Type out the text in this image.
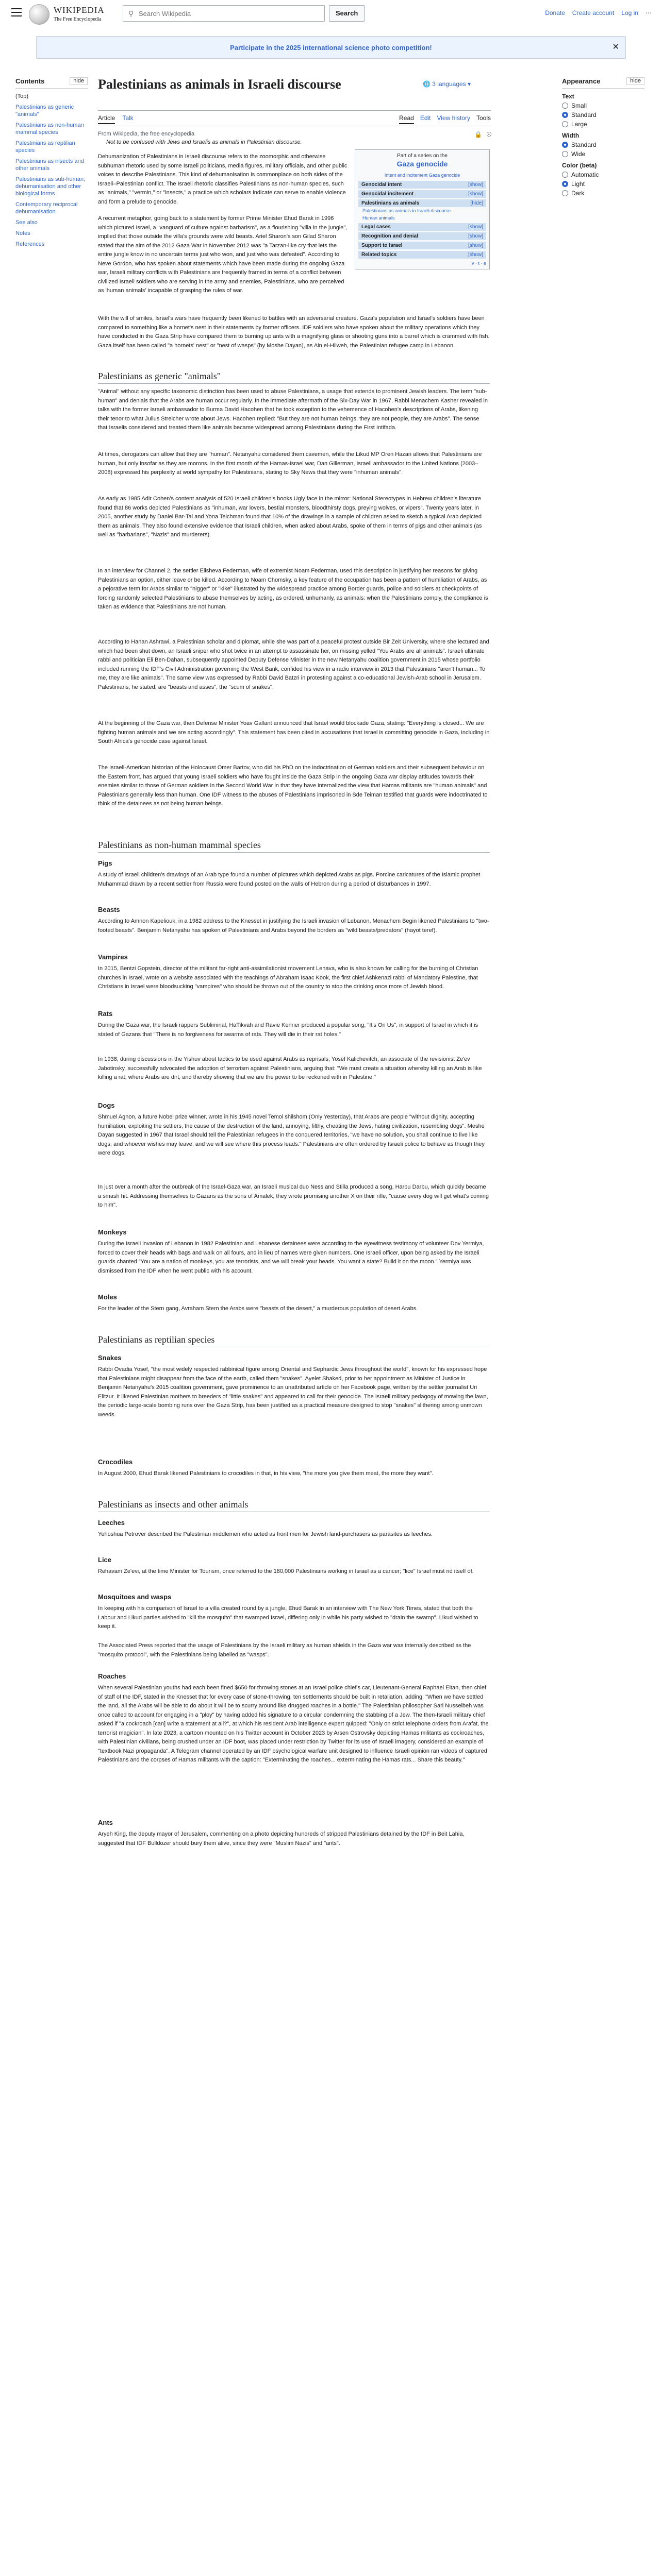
WIKIPEDIA
The Free Encyclopedia
⚲
Search Wikipedia	Search	Donate Create account Log in ⋯
Participate in the 2025 international science photo competition!	✕
Contents	hide
(Top)
Palestinians as generic "animals"
Palestinians as non-human mammal species
Palestinians as reptilian species
Palestinians as insects and other animals
Palestinians as sub-human; dehumanisation and other biological forms
Contemporary reciprocal dehumanisation
See also
Notes
References
Palestinians as animals in Israeli discourse	🌐 3 languages ▾
Article Talk	Read Edit View history Tools
From Wikipedia, the free encyclopedia
Not to be confused with Jews and Israelis as animals in Palestinian discourse.
🔒 ☉
Part of a series on the
Gaza genocide
Intent and incitement Gaza genocide
Genocidal intent	[show]
Genocidal incitement	[show]
Palestinians as animals	[hide]
Palestinians as animals in Israeli discourse
Human animals
Legal cases	[show]
Recognition and denial	[show]
Support to Israel	[show]
Related topics	[show]
v · t · e
Appearance	hide
Text
Small
Standard
Large
Width
Standard
Wide
Color (beta)
Automatic
Light
Dark

Dehumanization of Palestinians in Israeli discourse refers to the zoomorphic and otherwise subhuman rhetoric used by some Israeli politicians, media figures, military officials, and other public voices to describe Palestinians. This kind of dehumanisation is commonplace on both sides of the Israeli–Palestinian conflict. The Israeli rhetoric classifies Palestinians as non-human species, such as "animals," "vermin," or "insects," a practice which scholars indicate can serve to enable violence and form a prelude to genocide.

A recurrent metaphor, going back to a statement by former Prime Minister Ehud Barak in 1996 which pictured Israel, a "vanguard of culture against barbarism", as a flourishing "villa in the jungle", implied that those outside the villa's grounds were wild beasts. Ariel Sharon's son Gilad Sharon stated that the aim of the 2012 Gaza War in November 2012 was "a Tarzan-like cry that lets the entire jungle know in no uncertain terms just who won, and just who was defeated". According to Neve Gordon, who has spoken about statements which have been made during the ongoing Gaza war, Israeli military conflicts with Palestinians are frequently framed in terms of a conflict between civilized Israeli soldiers who are serving in the army and enemies, Palestinians, who are perceived as 'human animals' incapable of grasping the rules of war.

With the will of smiles, Israel's wars have frequently been likened to battles with an adversarial creature. Gaza's population and Israel's soldiers have been compared to something like a hornet's nest in their statements by former officers. IDF soldiers who have spoken about the military operations which they have conducted in the Gaza Strip have compared them to burning up ants with a magnifying glass or shooting guns into a barrel which is crammed with fish. Gaza itself has been called "a hornets' nest" or "nest of wasps" (by Moshe Dayan), as Ain el-Hilweh, the Palestinian refugee camp in Lebanon.

Palestinians as generic "animals"

"Animal" without any specific taxonomic distinction has been used to abuse Palestinians, a usage that extends to prominent Jewish leaders. The term "sub-human" and denials that the Arabs are human occur regularly. In the immediate aftermath of the Six-Day War in 1967, Rabbi Menachem Kasher revealed in talks with the former Israeli ambassador to Burma David Hacohen that he took exception to the vehemence of Hacohen's descriptions of Arabs, likening their tenor to what Julius Streicher wrote about Jews. Hacohen replied: "But they are not human beings, they are not people, they are Arabs". The sense that Israelis considered and treated them like animals became widespread among Palestinians during the First Intifada.

At times, derogators can allow that they are "human". Netanyahu considered them cavemen, while the Likud MP Oren Hazan allows that Palestinians are human, but only insofar as they are morons. In the first month of the Hamas-Israel war, Dan Gillerman, Israeli ambassador to the United Nations (2003–2008) expressed his perplexity at world sympathy for Palestinians, stating to Sky News that they were "inhuman animals".

As early as 1985 Adir Cohen's content analysis of 520 Israeli children's books Ugly face in the mirror: National Stereotypes in Hebrew children's literature found that 86 works depicted Palestinians as "inhuman, war lovers, bestial monsters, bloodthirsty dogs, preying wolves, or vipers". Twenty years later, in 2005, another study by Daniel Bar-Tal and Yona Teichman found that 10% of the drawings in a sample of children asked to sketch a typical Arab depicted them as animals. They also found extensive evidence that Israeli children, when asked about Arabs, spoke of them in terms of pigs and other animals (as well as "barbarians", "Nazis" and murderers).

In an interview for Channel 2, the settler Elisheva Federman, wife of extremist Noam Federman, used this description in justifying her reasons for giving Palestinians an option, either leave or be killed. According to Noam Chomsky, a key feature of the occupation has been a pattern of humiliation of Arabs, as a pejorative term for Arabs similar to "nigger" or "kike" illustrated by the widespread practice among Border guards, police and soldiers at checkpoints of forcing randomly selected Palestinians to abase themselves by acting, as ordered, unhumanly, as animals: when the Palestinians comply, the compliance is taken as evidence that Palestinians are not human.

According to Hanan Ashrawi, a Palestinian scholar and diplomat, while she was part of a peaceful protest outside Bir Zeit University, where she lectured and which had been shut down, an Israeli sniper who shot twice in an attempt to assassinate her, on missing yelled "You Arabs are all animals". Israeli ultimate rabbi and politician Eli Ben-Dahan, subsequently appointed Deputy Defense Minister in the new Netanyahu coalition government in 2015 whose portfolio included running the IDF's Civil Administration governing the West Bank, confided his view in a radio interview in 2013 that Palestinians "aren't human... To me, they are like animals". The same view was expressed by Rabbi David Batzri in protesting against a co-educational Jewish-Arab school in Jerusalem. Palestinians, he stated, are "beasts and asses", the "scum of snakes".

At the beginning of the Gaza war, then Defense Minister Yoav Gallant announced that Israel would blockade Gaza, stating: "Everything is closed... We are fighting human animals and we are acting accordingly". This statement has been cited in accusations that Israel is committing genocide in Gaza, including in South Africa's genocide case against Israel.

The Israeli-American historian of the Holocaust Omer Bartov, who did his PhD on the indoctrination of German soldiers and their subsequent behaviour on the Eastern front, has argued that young Israeli soldiers who have fought inside the Gaza Strip in the ongoing Gaza war display attitudes towards their enemies similar to those of German soldiers in the Second World War in that they have internalized the view that Hamas militants are "human animals" and Palestinians generally less than human. One IDF witness to the abuses of Palestinians imprisoned in Sde Teiman testified that guards were indoctrinated to think of the detainees as not being human beings.

Palestinians as non-human mammal species
Pigs

A study of Israeli children's drawings of an Arab type found a number of pictures which depicted Arabs as pigs. Porcine caricatures of the Islamic prophet Muhammad drawn by a recent settler from Russia were found posted on the walls of Hebron during a period of disturbances in 1997.

Beasts

According to Amnon Kapeliouk, in a 1982 address to the Knesset in justifying the Israeli invasion of Lebanon, Menachem Begin likened Palestinians to "two-footed beasts". Benjamin Netanyahu has spoken of Palestinians and Arabs beyond the borders as "wild beasts/predators" (hayot teref).

Vampires

In 2015, Bentzi Gopstein, director of the militant far-right anti-assimilationist movement Lehava, who is also known for calling for the burning of Christian churches in Israel, wrote on a website associated with the teachings of Abraham Isaac Kook, the first chief Ashkenazi rabbi of Mandatory Palestine, that Christians in Israel were bloodsucking "vampires" who should be thrown out of the country to stop the drinking once more of Jewish blood.

Rats

During the Gaza war, the Israeli rappers Subliminal, HaTikvah and Ravie Kenner produced a popular song, "It's On Us", in support of Israel in which it is stated of Gazans that "There is no forgiveness for swarms of rats. They will die in their rat holes."

In 1938, during discussions in the Yishuv about tactics to be used against Arabs as reprisals, Yosef Kalichevitch, an associate of the revisionist Ze'ev Jabotinsky, successfully advocated the adoption of terrorism against Palestinians, arguing that: "We must create a situation whereby killing an Arab is like killing a rat, where Arabs are dirt, and thereby showing that we are the power to be reckoned with in Palestine."

Dogs

Shmuel Agnon, a future Nobel prize winner, wrote in his 1945 novel Temol shilshom (Only Yesterday), that Arabs are people "without dignity, accepting humiliation, exploiting the settlers, the cause of the destruction of the land, annoying, filthy, cheating the Jews, hating civilization, resembling dogs". Moshe Dayan suggested in 1967 that Israel should tell the Palestinian refugees in the conquered territories, "we have no solution, you shall continue to live like dogs, and whoever wishes may leave, and we will see where this process leads." Palestinians are often ordered by Israeli police to behave as though they were dogs.

In just over a month after the outbreak of the Israel-Gaza war, an Israeli musical duo Ness and Stilla produced a song, Harbu Darbu, which quickly became a smash hit. Addressing themselves to Gazans as the sons of Amalek, they wrote promising another X on their rifle, "cause every dog will get what's coming to him".

Monkeys

During the Israeli invasion of Lebanon in 1982 Palestinian and Lebanese detainees were according to the eyewitness testimony of volunteer Dov Yermiya, forced to cover their heads with bags and walk on all fours, and in lieu of names were given numbers. One Israeli officer, upon being asked by the Israeli guards chanted "You are a nation of monkeys, you are terrorists, and we will break your heads. You want a state? Build it on the moon." Yermiya was dismissed from the IDF when he went public with his account.

Moles

For the leader of the Stern gang, Avraham Stern the Arabs were "beasts of the desert," a murderous population of desert Arabs.

Palestinians as reptilian species
Snakes

Rabbi Ovadia Yosef, "the most widely respected rabbinical figure among Oriental and Sephardic Jews throughout the world", known for his expressed hope that Palestinians might disappear from the face of the earth, called them "snakes". Ayelet Shaked, prior to her appointment as Minister of Justice in Benjamin Netanyahu's 2015 coalition government, gave prominence to an unattributed article on her Facebook page, written by the settler journalist Uri Elitzur. It likened Palestinian mothers to breeders of "little snakes" and appeared to call for their genocide. The Israeli military pedagogy of mowing the lawn, the periodic large-scale bombing runs over the Gaza Strip, has been justified as a practical measure designed to stop "snakes" slithering among unmown weeds.

Crocodiles

In August 2000, Ehud Barak likened Palestinians to crocodiles in that, in his view, "the more you give them meat, the more they want".

Palestinians as insects and other animals
Leeches

Yehoshua Petrover described the Palestinian middlemen who acted as front men for Jewish land-purchasers as parasites as leeches.

Lice

Rehavam Ze'evi, at the time Minister for Tourism, once referred to the 180,000 Palestinians working in Israel as a cancer; "lice" Israel must rid itself of.

Mosquitoes and wasps

In keeping with his comparison of Israel to a villa created round by a jungle, Ehud Barak in an interview with The New York Times, stated that both the Labour and Likud parties wished to "kill the mosquito" that swamped Israel, differing only in while his party wished to "drain the swamp", Likud wished to keep it.

The Associated Press reported that the usage of Palestinians by the Israeli military as human shields in the Gaza war was internally described as the "mosquito protocol", with the Palestinians being labelled as "wasps".

Roaches

When several Palestinian youths had each been fined $650 for throwing stones at an Israel police chief's car, Lieutenant-General Raphael Eitan, then chief of staff of the IDF, stated in the Knesset that for every case of stone-throwing, ten settlements should be built in retaliation, adding: "When we have settled the land, all the Arabs will be able to do about it will be to scurry around like drugged roaches in a bottle." The Palestinian philosopher Sari Nusseibeh was once called to account for engaging in a "ploy" by having added his signature to a circular condemning the stabbing of a Jew. The then-Israeli military chief asked if "a cockroach [can] write a statement at all?", at which his resident Arab intelligence expert quipped: "Only on strict telephone orders from Arafat, the terrorist magician". In late 2023, a cartoon mounted on his Twitter account in October 2023 by Arsen Ostrovsky depicting Hamas militants as cockroaches, with Palestinian civilians, being crushed under an IDF boot, was placed under restriction by Twitter for its use of Israeli imagery, considered an example of "textbook Nazi propaganda". A Telegram channel operated by an IDF psychological warfare unit designed to influence Israeli opinion ran videos of captured Palestinians and the corpses of Hamas militants with the caption: "Exterminating the roaches... exterminating the Hamas rats... Share this beauty."

Ants

Aryeh King, the deputy mayor of Jerusalem, commenting on a photo depicting hundreds of stripped Palestinians detained by the IDF in Beit Lahia, suggested that IDF Bulldozer should bury them alive, since they were "Muslim Nazis" and "ants".
